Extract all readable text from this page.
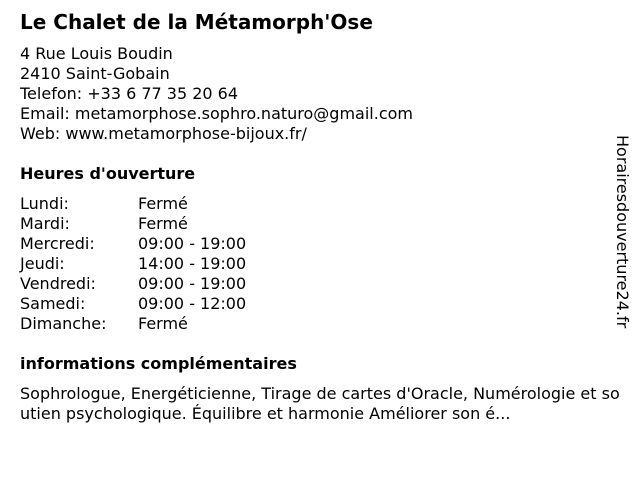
Le Chalet de la Métamorph'Ose
4 Rue Louis Boudin
2410 Saint-Gobain
Telefon: +33 6 77 35 20 64
Email: metamorphose.sophro.naturo@gmail.com
Web: www.metamorphose-bijoux.fr/
Heures d'ouverture
Lundi:	Fermé
Mardi:	Fermé
Mercredi:	09:00 - 19:00
Jeudi:	14:00 - 19:00
Vendredi:	09:00 - 19:00
Samedi:	09:00 - 12:00
Dimanche: Fermé
informations complémentaires
Sophrologue, Energéticienne, Tirage de cartes d'Oracle, Numérologie et soutien psychologique. Équilibre et harmonie Améliorer son é...
Horairesdouverture24.fr
